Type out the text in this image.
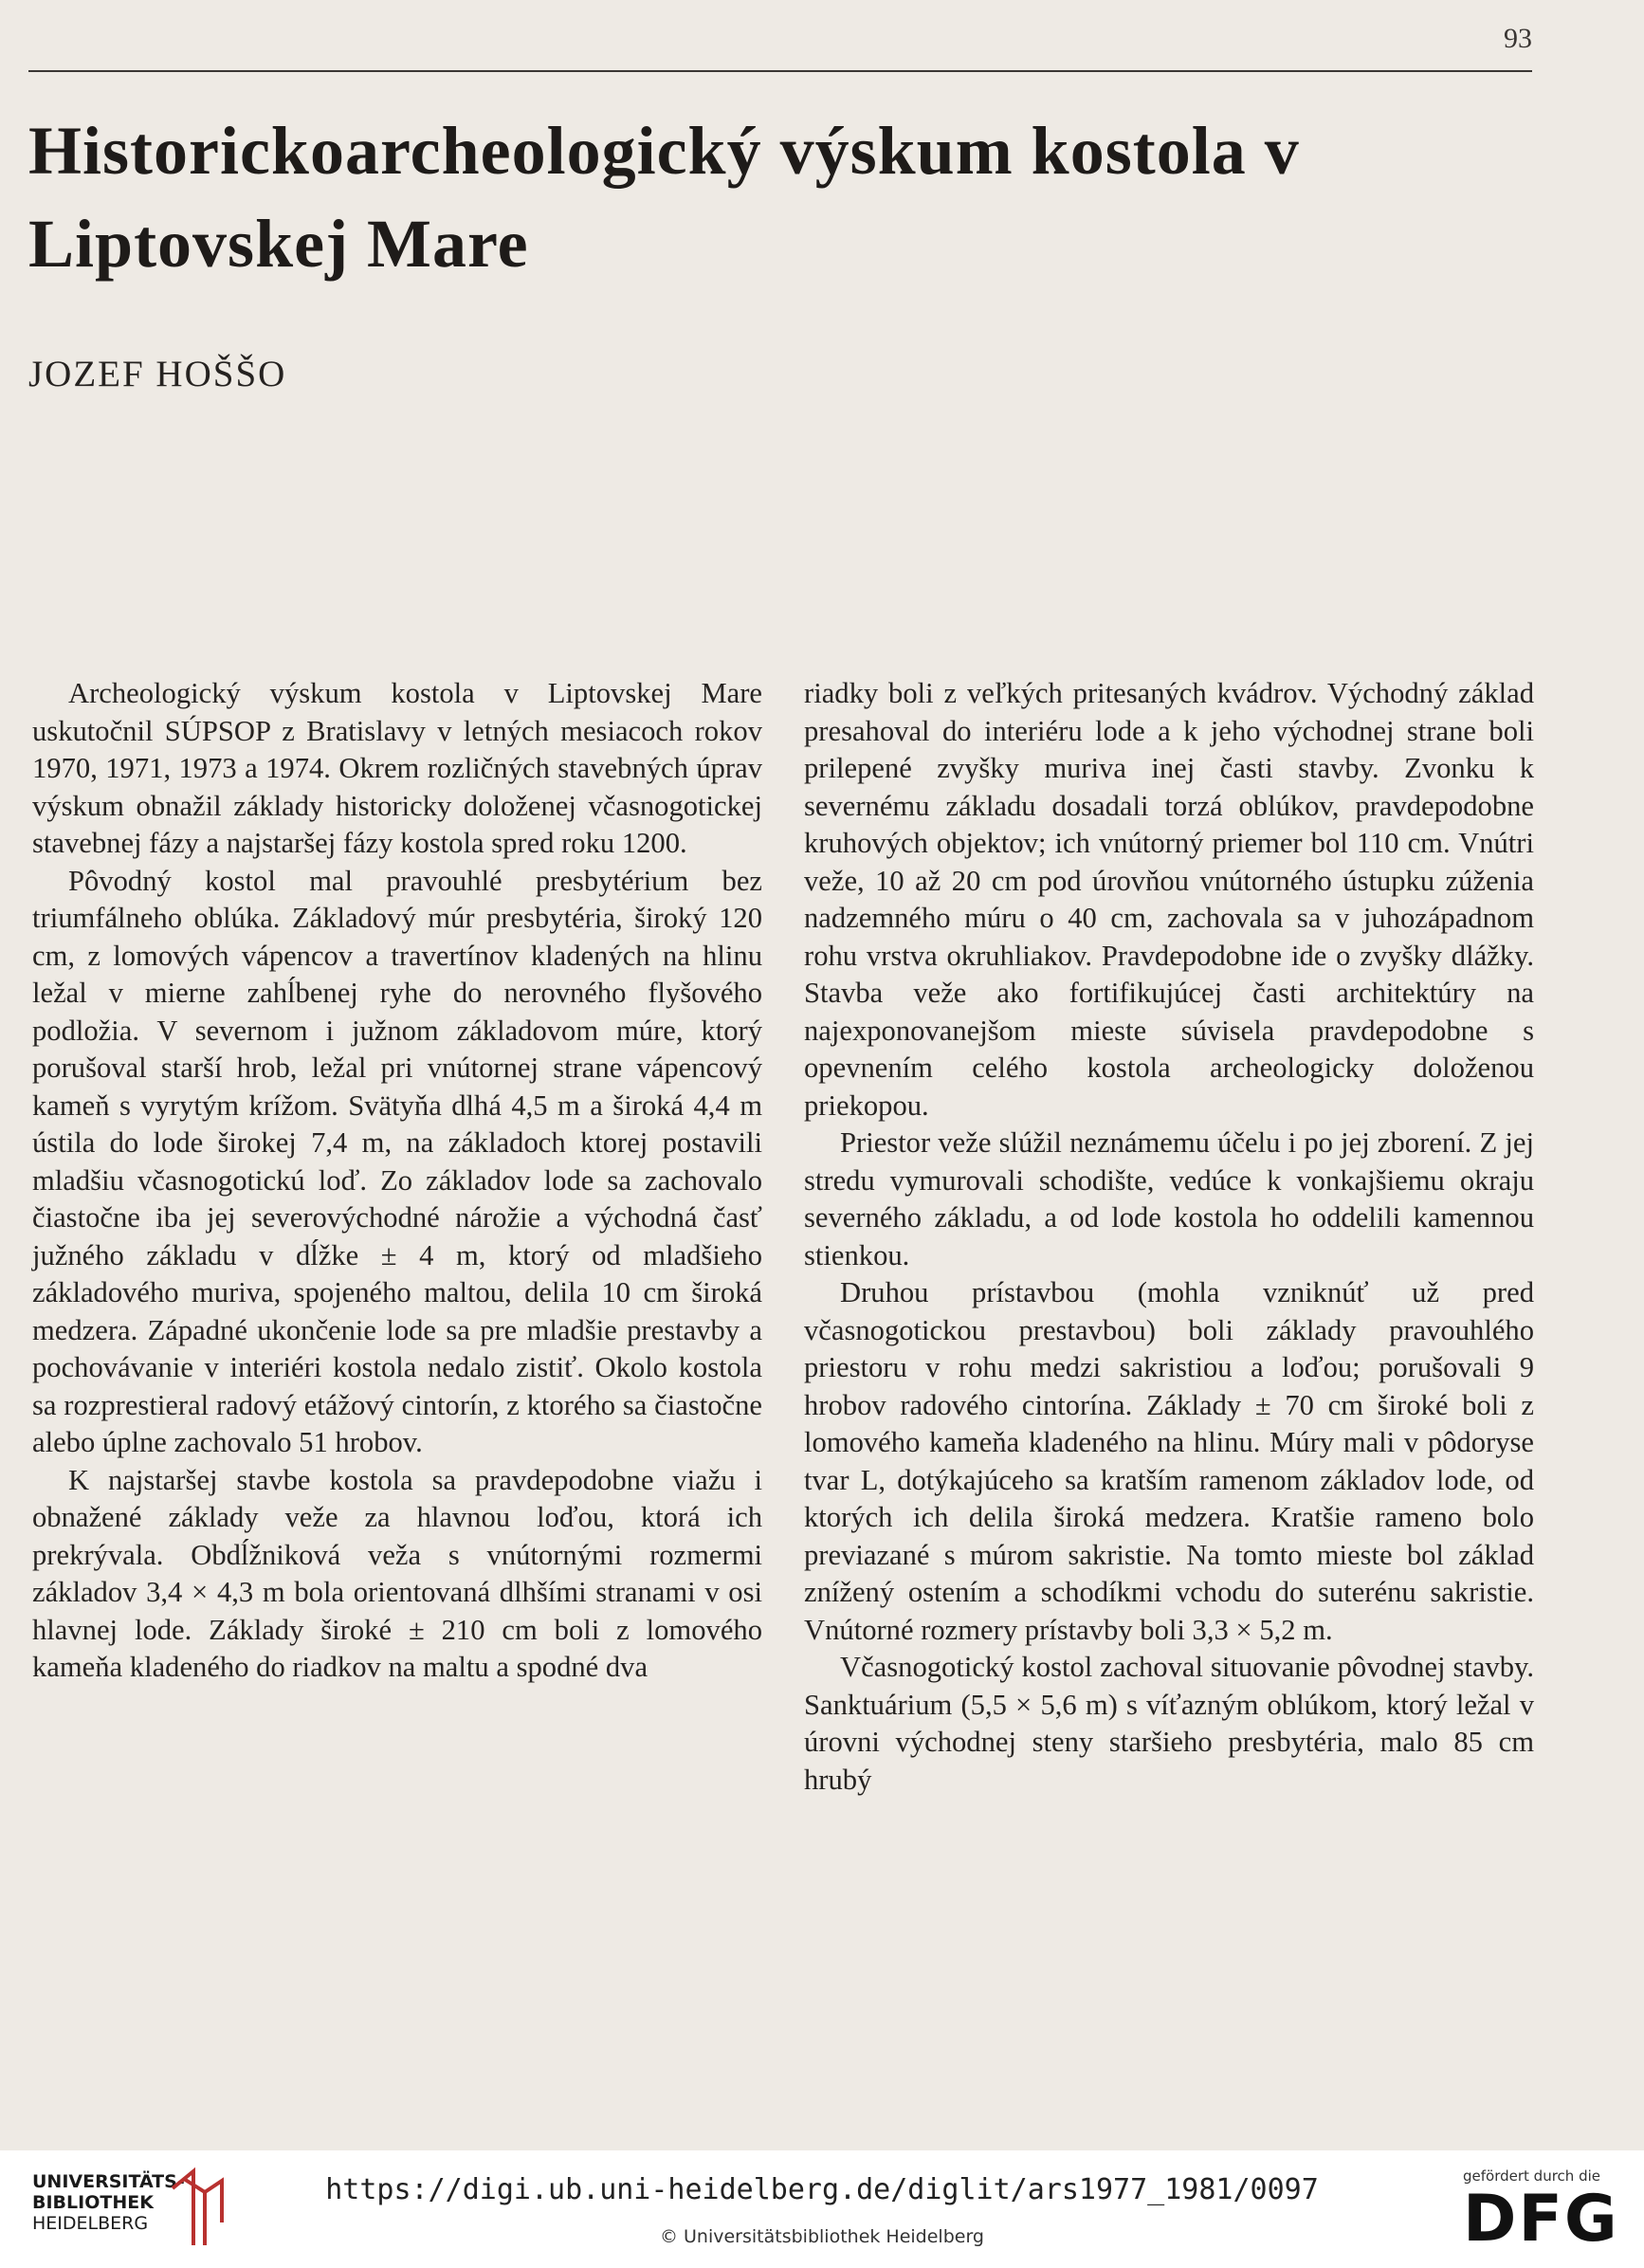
93
Historickoarcheologický výskum kostola v Liptovskej Mare
JOZEF HOŠŠO

Archeologický výskum kostola v Liptovskej Mare uskutočnil SÚPSOP z Bratislavy v letných mesiacoch rokov 1970, 1971, 1973 a 1974. Okrem rozličných stavebných úprav výskum obnažil základy historicky doloženej včasnogotickej stavebnej fázy a najstaršej fázy kostola spred roku 1200.

Pôvodný kostol mal pravouhlé presbytérium bez triumfálneho oblúka. Základový múr presbytéria, široký 120 cm, z lomových vápencov a travertínov kladených na hlinu ležal v mierne zahĺbenej ryhe do nerovného flyšového podložia. V severnom i južnom základovom múre, ktorý porušoval starší hrob, ležal pri vnútornej strane vápencový kameň s vyrytým krížom. Svätyňa dlhá 4,5 m a široká 4,4 m ústila do lode širokej 7,4 m, na základoch ktorej postavili mladšiu včasnogotickú loď. Zo základov lode sa zachovalo čiastočne iba jej severovýchodné nárožie a východná časť južného základu v dĺžke ± 4 m, ktorý od mladšieho základového muriva, spojeného maltou, delila 10 cm široká medzera. Západné ukončenie lode sa pre mladšie prestavby a pochovávanie v interiéri kostola nedalo zistiť. Okolo kostola sa rozprestieral radový etážový cintorín, z ktorého sa čiastočne alebo úplne zachovalo 51 hrobov.

K najstaršej stavbe kostola sa pravdepodobne viažu i obnažené základy veže za hlavnou loďou, ktorá ich prekrývala. Obdĺžniková veža s vnútornými rozmermi základov 3,4 × 4,3 m bola orientovaná dlhšími stranami v osi hlavnej lode. Základy široké ± 210 cm boli z lomového kameňa kladeného do riadkov na maltu a spodné dva

riadky boli z veľkých pritesaných kvádrov. Východný základ presahoval do interiéru lode a k jeho východnej strane boli prilepené zvyšky muriva inej časti stavby. Zvonku k severnému základu dosadali torzá oblúkov, pravdepodobne kruhových objektov; ich vnútorný priemer bol 110 cm. Vnútri veže, 10 až 20 cm pod úrovňou vnútorného ústupku zúženia nadzemného múru o 40 cm, zachovala sa v juhozápadnom rohu vrstva okruhliakov. Pravdepodobne ide o zvyšky dlážky. Stavba veže ako fortifikujúcej časti architektúry na najexponovanejšom mieste súvisela pravdepodobne s opevnením celého kostola archeologicky doloženou priekopou.

Priestor veže slúžil neznámemu účelu i po jej zborení. Z jej stredu vymurovali schodište, vedúce k vonkajšiemu okraju severného základu, a od lode kostola ho oddelili kamennou stienkou.

Druhou prístavbou (mohla vzniknúť už pred včasnogotickou prestavbou) boli základy pravouhlého priestoru v rohu medzi sakristiou a loďou; porušovali 9 hrobov radového cintorína. Základy ± 70 cm široké boli z lomového kameňa kladeného na hlinu. Múry mali v pôdoryse tvar L, dotýkajúceho sa kratším ramenom základov lode, od ktorých ich delila široká medzera. Kratšie rameno bolo previazané s múrom sakristie. Na tomto mieste bol základ znížený ostením a schodíkmi vchodu do suterénu sakristie. Vnútorné rozmery prístavby boli 3,3 × 5,2 m.

Včasnogotický kostol zachoval situovanie pôvodnej stavby. Sanktuárium (5,5 × 5,6 m) s víťazným oblúkom, ktorý ležal v úrovni východnej steny staršieho presbytéria, malo 85 cm hrubý

UNIVERSITÄTS-
BIBLIOTHEK
HEIDELBERG
https://digi.ub.uni-heidelberg.de/diglit/ars1977_1981/0097
© Universitätsbibliothek Heidelberg
gefördert durch die
DFG
